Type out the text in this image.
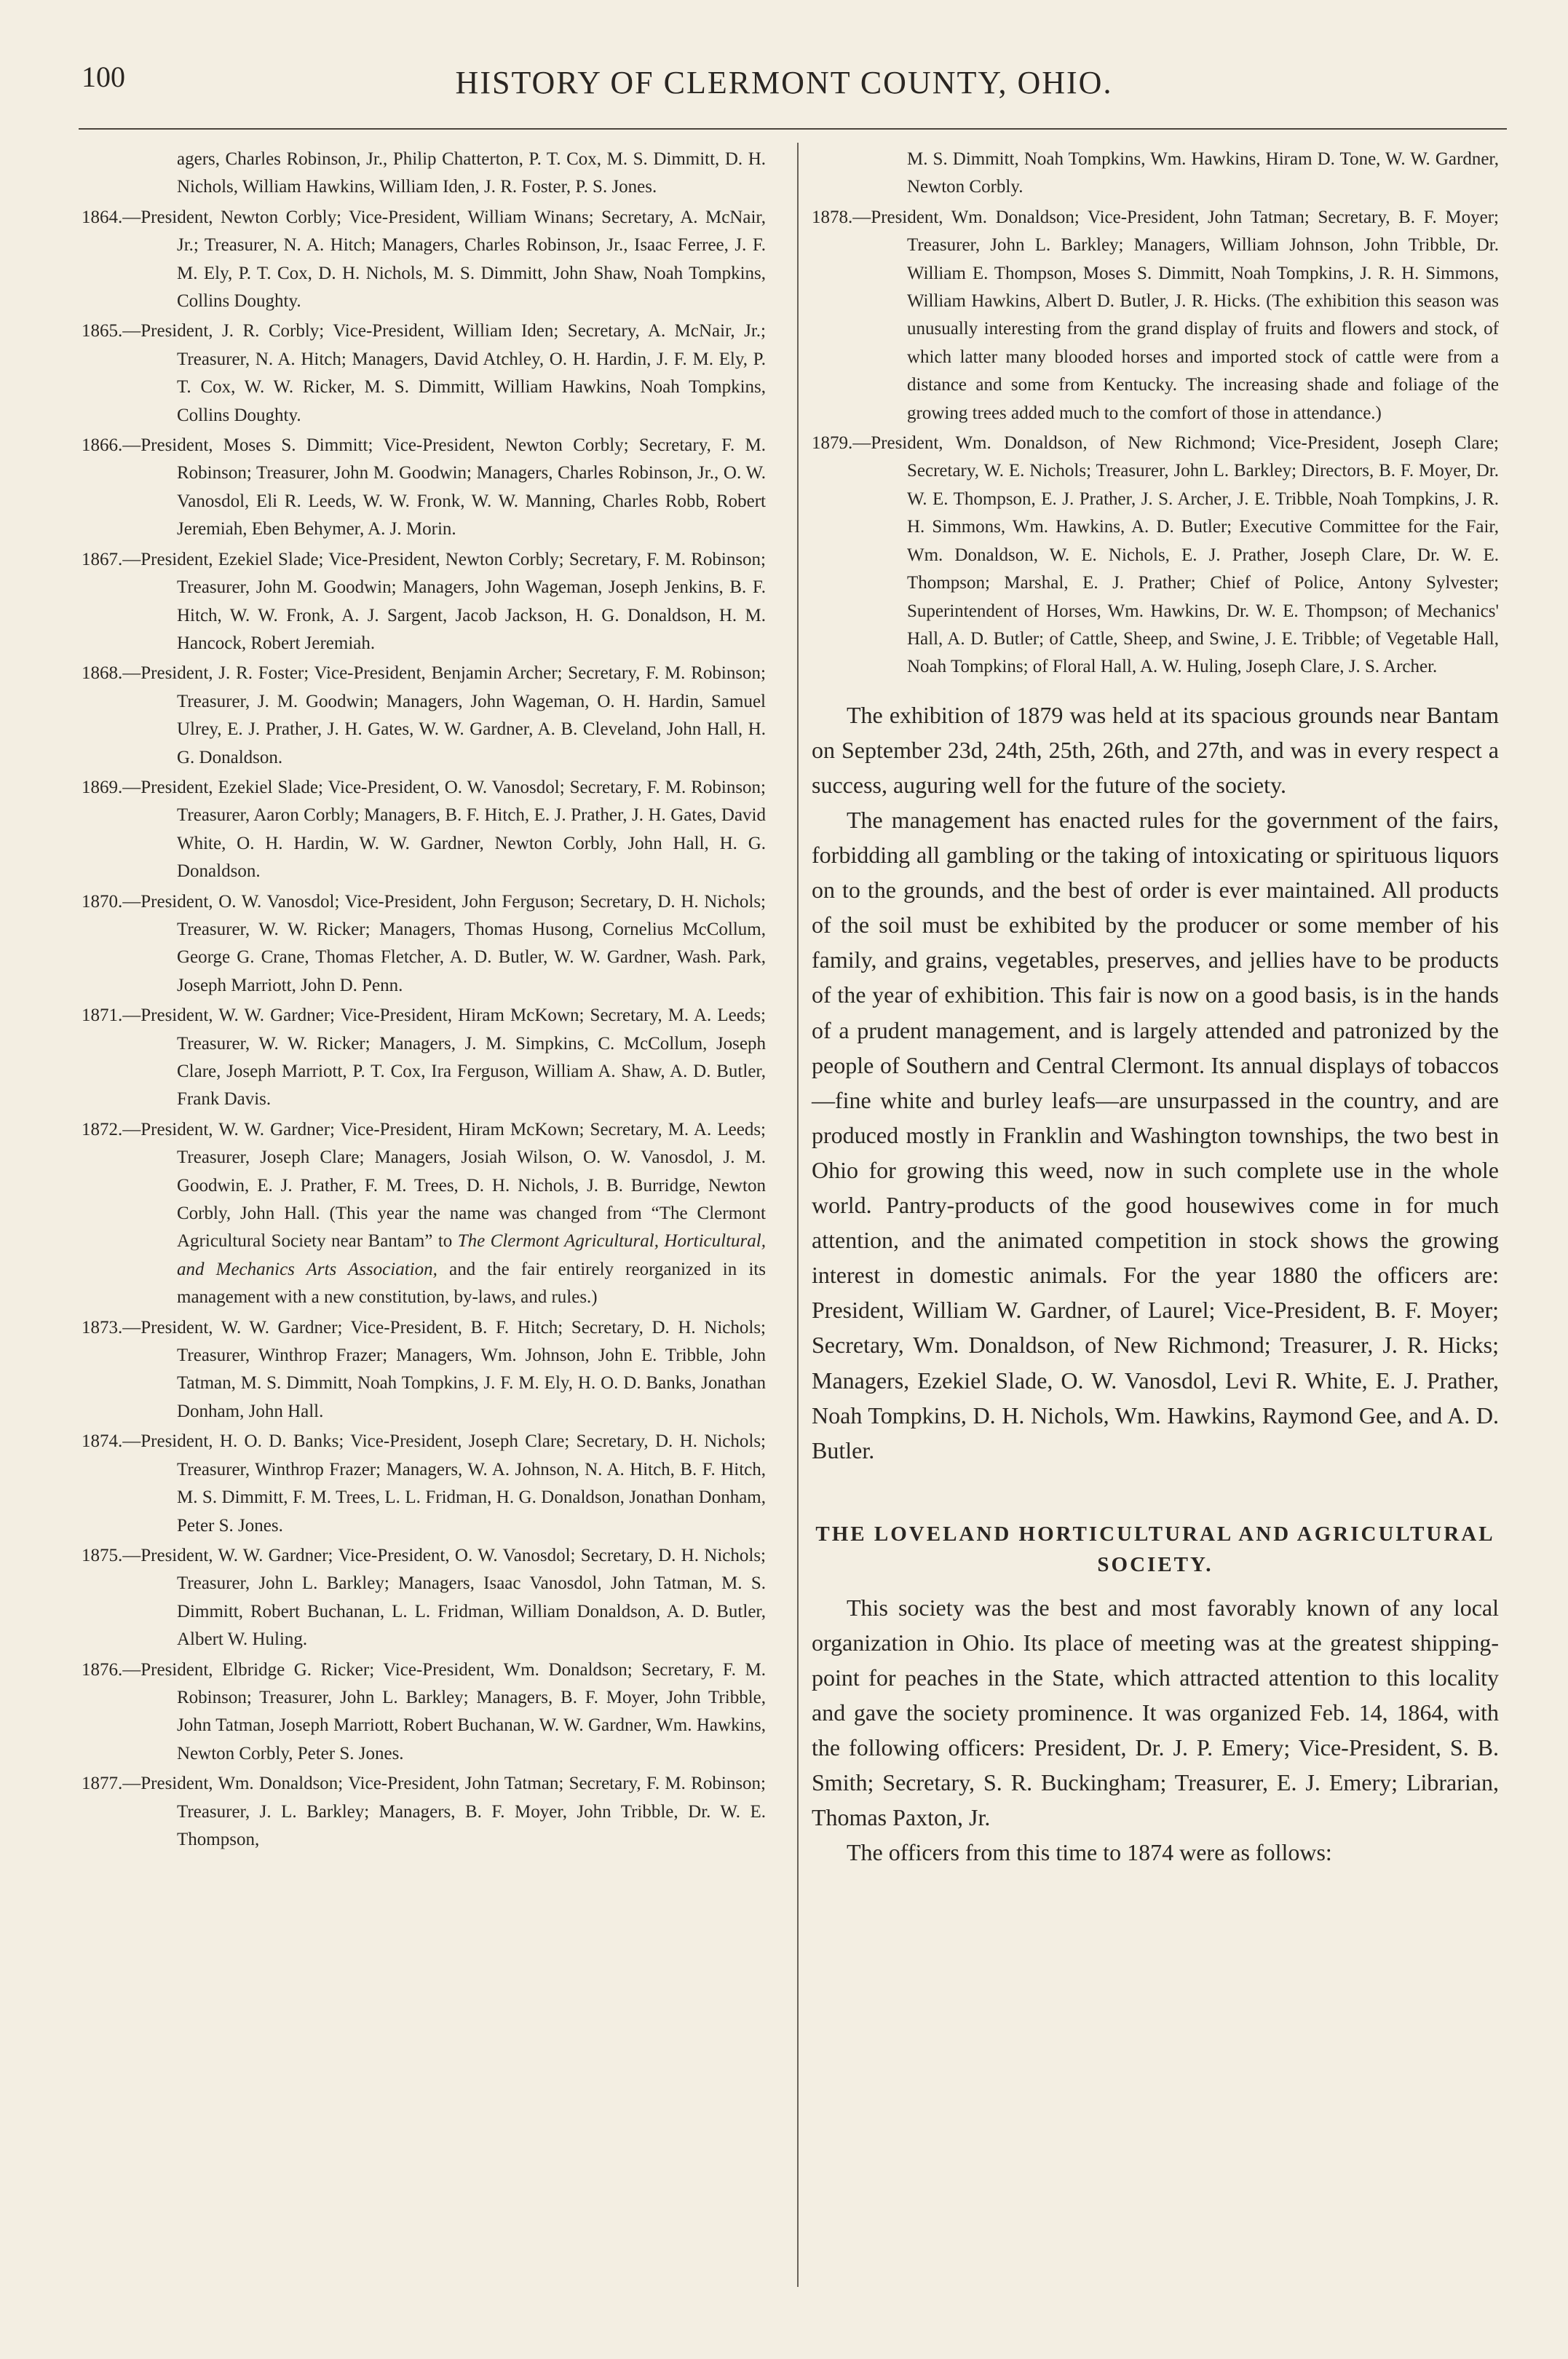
100	HISTORY OF CLERMONT COUNTY, OHIO.

agers, Charles Robinson, Jr., Philip Chatterton, P. T. Cox, M. S. Dimmitt, D. H. Nichols, William Hawkins, William Iden, J. R. Foster, P. S. Jones.

1864.—President, Newton Corbly; Vice-President, William Winans; Secretary, A. McNair, Jr.; Treasurer, N. A. Hitch; Managers, Charles Robinson, Jr., Isaac Ferree, J. F. M. Ely, P. T. Cox, D. H. Nichols, M. S. Dimmitt, John Shaw, Noah Tompkins, Collins Doughty.

1865.—President, J. R. Corbly; Vice-President, William Iden; Secretary, A. McNair, Jr.; Treasurer, N. A. Hitch; Managers, David Atchley, O. H. Hardin, J. F. M. Ely, P. T. Cox, W. W. Ricker, M. S. Dimmitt, William Hawkins, Noah Tompkins, Collins Doughty.

1866.—President, Moses S. Dimmitt; Vice-President, Newton Corbly; Secretary, F. M. Robinson; Treasurer, John M. Goodwin; Managers, Charles Robinson, Jr., O. W. Vanosdol, Eli R. Leeds, W. W. Fronk, W. W. Manning, Charles Robb, Robert Jeremiah, Eben Behymer, A. J. Morin.

1867.—President, Ezekiel Slade; Vice-President, Newton Corbly; Secretary, F. M. Robinson; Treasurer, John M. Goodwin; Managers, John Wageman, Joseph Jenkins, B. F. Hitch, W. W. Fronk, A. J. Sargent, Jacob Jackson, H. G. Donaldson, H. M. Hancock, Robert Jeremiah.

1868.—President, J. R. Foster; Vice-President, Benjamin Archer; Secretary, F. M. Robinson; Treasurer, J. M. Goodwin; Managers, John Wageman, O. H. Hardin, Samuel Ulrey, E. J. Prather, J. H. Gates, W. W. Gardner, A. B. Cleveland, John Hall, H. G. Donaldson.

1869.—President, Ezekiel Slade; Vice-President, O. W. Vanosdol; Secretary, F. M. Robinson; Treasurer, Aaron Corbly; Managers, B. F. Hitch, E. J. Prather, J. H. Gates, David White, O. H. Hardin, W. W. Gardner, Newton Corbly, John Hall, H. G. Donaldson.

1870.—President, O. W. Vanosdol; Vice-President, John Ferguson; Secretary, D. H. Nichols; Treasurer, W. W. Ricker; Managers, Thomas Husong, Cornelius McCollum, George G. Crane, Thomas Fletcher, A. D. Butler, W. W. Gardner, Wash. Park, Joseph Marriott, John D. Penn.

1871.—President, W. W. Gardner; Vice-President, Hiram McKown; Secretary, M. A. Leeds; Treasurer, W. W. Ricker; Managers, J. M. Simpkins, C. McCollum, Joseph Clare, Joseph Marriott, P. T. Cox, Ira Ferguson, William A. Shaw, A. D. Butler, Frank Davis.

1872.—President, W. W. Gardner; Vice-President, Hiram McKown; Secretary, M. A. Leeds; Treasurer, Joseph Clare; Managers, Josiah Wilson, O. W. Vanosdol, J. M. Goodwin, E. J. Prather, F. M. Trees, D. H. Nichols, J. B. Burridge, Newton Corbly, John Hall. (This year the name was changed from “The Clermont Agricultural Society near Bantam” to The Clermont Agricultural, Horticultural, and Mechanics Arts Association, and the fair entirely reorganized in its management with a new constitution, by-laws, and rules.)

1873.—President, W. W. Gardner; Vice-President, B. F. Hitch; Secretary, D. H. Nichols; Treasurer, Winthrop Frazer; Managers, Wm. Johnson, John E. Tribble, John Tatman, M. S. Dimmitt, Noah Tompkins, J. F. M. Ely, H. O. D. Banks, Jonathan Donham, John Hall.

1874.—President, H. O. D. Banks; Vice-President, Joseph Clare; Secretary, D. H. Nichols; Treasurer, Winthrop Frazer; Managers, W. A. Johnson, N. A. Hitch, B. F. Hitch, M. S. Dimmitt, F. M. Trees, L. L. Fridman, H. G. Donaldson, Jonathan Donham, Peter S. Jones.

1875.—President, W. W. Gardner; Vice-President, O. W. Vanosdol; Secretary, D. H. Nichols; Treasurer, John L. Barkley; Managers, Isaac Vanosdol, John Tatman, M. S. Dimmitt, Robert Buchanan, L. L. Fridman, William Donaldson, A. D. Butler, Albert W. Huling.

1876.—President, Elbridge G. Ricker; Vice-President, Wm. Donaldson; Secretary, F. M. Robinson; Treasurer, John L. Barkley; Managers, B. F. Moyer, John Tribble, John Tatman, Joseph Marriott, Robert Buchanan, W. W. Gardner, Wm. Hawkins, Newton Corbly, Peter S. Jones.

1877.—President, Wm. Donaldson; Vice-President, John Tatman; Secretary, F. M. Robinson; Treasurer, J. L. Barkley; Managers, B. F. Moyer, John Tribble, Dr. W. E. Thompson,

M. S. Dimmitt, Noah Tompkins, Wm. Hawkins, Hiram D. Tone, W. W. Gardner, Newton Corbly.

1878.—President, Wm. Donaldson; Vice-President, John Tatman; Secretary, B. F. Moyer; Treasurer, John L. Barkley; Managers, William Johnson, John Tribble, Dr. William E. Thompson, Moses S. Dimmitt, Noah Tompkins, J. R. H. Simmons, William Hawkins, Albert D. Butler, J. R. Hicks. (The exhibition this season was unusually interesting from the grand display of fruits and flowers and stock, of which latter many blooded horses and imported stock of cattle were from a distance and some from Kentucky. The increasing shade and foliage of the growing trees added much to the comfort of those in attendance.)

1879.—President, Wm. Donaldson, of New Richmond; Vice-President, Joseph Clare; Secretary, W. E. Nichols; Treasurer, John L. Barkley; Directors, B. F. Moyer, Dr. W. E. Thompson, E. J. Prather, J. S. Archer, J. E. Tribble, Noah Tompkins, J. R. H. Simmons, Wm. Hawkins, A. D. Butler; Executive Committee for the Fair, Wm. Donaldson, W. E. Nichols, E. J. Prather, Joseph Clare, Dr. W. E. Thompson; Marshal, E. J. Prather; Chief of Police, Antony Sylvester; Superintendent of Horses, Wm. Hawkins, Dr. W. E. Thompson; of Mechanics' Hall, A. D. Butler; of Cattle, Sheep, and Swine, J. E. Tribble; of Vegetable Hall, Noah Tompkins; of Floral Hall, A. W. Huling, Joseph Clare, J. S. Archer.

The exhibition of 1879 was held at its spacious grounds near Bantam on September 23d, 24th, 25th, 26th, and 27th, and was in every respect a success, auguring well for the future of the society.

The management has enacted rules for the government of the fairs, forbidding all gambling or the taking of intoxicating or spirituous liquors on to the grounds, and the best of order is ever maintained. All products of the soil must be exhibited by the producer or some member of his family, and grains, vegetables, preserves, and jellies have to be products of the year of exhibition. This fair is now on a good basis, is in the hands of a prudent management, and is largely attended and patronized by the people of Southern and Central Clermont. Its annual displays of tobaccos—fine white and burley leafs—are unsurpassed in the country, and are produced mostly in Franklin and Washington townships, the two best in Ohio for growing this weed, now in such complete use in the whole world. Pantry-products of the good housewives come in for much attention, and the animated competition in stock shows the growing interest in domestic animals. For the year 1880 the officers are: President, William W. Gardner, of Laurel; Vice-President, B. F. Moyer; Secretary, Wm. Donaldson, of New Richmond; Treasurer, J. R. Hicks; Managers, Ezekiel Slade, O. W. Vanosdol, Levi R. White, E. J. Prather, Noah Tompkins, D. H. Nichols, Wm. Hawkins, Raymond Gee, and A. D. Butler.

THE LOVELAND HORTICULTURAL AND AGRICULTURAL SOCIETY.

This society was the best and most favorably known of any local organization in Ohio. Its place of meeting was at the greatest shipping-point for peaches in the State, which attracted attention to this locality and gave the society prominence. It was organized Feb. 14, 1864, with the following officers: President, Dr. J. P. Emery; Vice-President, S. B. Smith; Secretary, S. R. Buckingham; Treasurer, E. J. Emery; Librarian, Thomas Paxton, Jr.

The officers from this time to 1874 were as follows:
